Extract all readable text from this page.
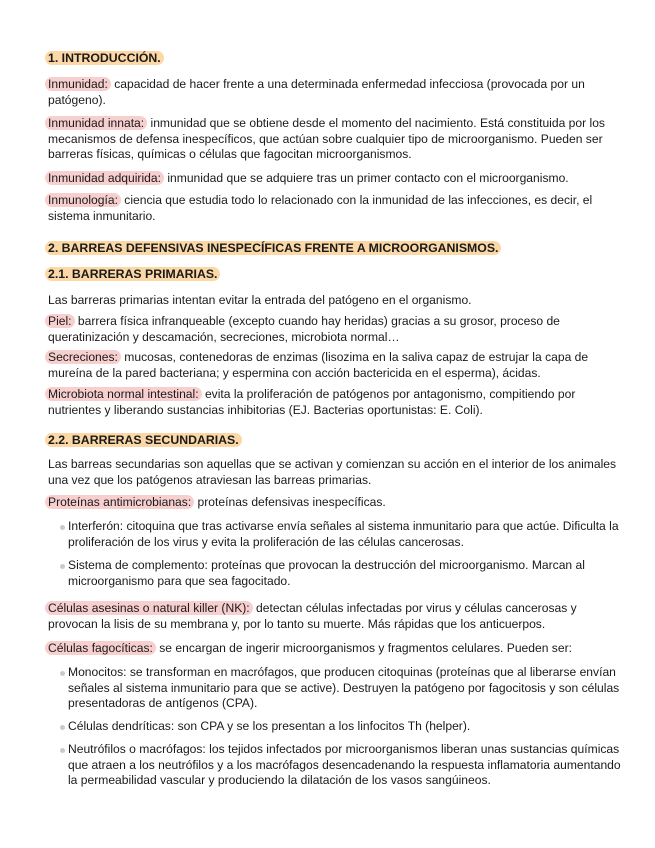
1. INTRODUCCIÓN.
Inmunidad: capacidad de hacer frente a una determinada enfermedad infecciosa (provocada por un patógeno).
Inmunidad innata: inmunidad que se obtiene desde el momento del nacimiento. Está constituida por los mecanismos de defensa inespecíficos, que actúan sobre cualquier tipo de microorganismo. Pueden ser barreras físicas, químicas o células que fagocitan microorganismos.
Inmunidad adquirida: inmunidad que se adquiere tras un primer contacto con el microorganismo.
Inmunología: ciencia que estudia todo lo relacionado con la inmunidad de las infecciones, es decir, el sistema inmunitario.
2. BARREAS DEFENSIVAS INESPECÍFICAS FRENTE A MICROORGANISMOS.
2.1. BARRERAS PRIMARIAS.
Las barreras primarias intentan evitar la entrada del patógeno en el organismo.
Piel: barrera física infranqueable (excepto cuando hay heridas) gracias a su grosor, proceso de queratinización y descamación, secreciones, microbiota normal…
Secreciones: mucosas, contenedoras de enzimas (lisozima en la saliva capaz de estrujar la capa de mureína de la pared bacteriana; y espermina con acción bactericida en el esperma), ácidas.
Microbiota normal intestinal: evita la proliferación de patógenos por antagonismo, compitiendo por nutrientes y liberando sustancias inhibitorias (EJ. Bacterias oportunistas: E. Coli).
2.2. BARRERAS SECUNDARIAS.
Las barreas secundarias son aquellas que se activan y comienzan su acción en el interior de los animales una vez que los patógenos atraviesan las barreas primarias.
Proteínas antimicrobianas: proteínas defensivas inespecíficas.
Interferón: citoquina que tras activarse envía señales al sistema inmunitario para que actúe. Dificulta la proliferación de los virus y evita la proliferación de las células cancerosas.
Sistema de complemento: proteínas que provocan la destrucción del microorganismo. Marcan al microorganismo para que sea fagocitado.
Células asesinas o natural killer (NK): detectan células infectadas por virus y células cancerosas y provocan la lisis de su membrana y, por lo tanto su muerte. Más rápidas que los anticuerpos.
Células fagocíticas: se encargan de ingerir microorganismos y fragmentos celulares. Pueden ser:
Monocitos: se transforman en macrófagos, que producen citoquinas (proteínas que al liberarse envían señales al sistema inmunitario para que se active). Destruyen la patógeno por fagocitosis y son células presentadoras de antígenos (CPA).
Células dendríticas: son CPA y se los presentan a los linfocitos Th (helper).
Neutrófilos o macrófagos: los tejidos infectados por microorganismos liberan unas sustancias químicas que atraen a los neutrófilos y a los macrófagos desencadenando la respuesta inflamatoria aumentando la permeabilidad vascular y produciendo la dilatación de los vasos sangúineos.
